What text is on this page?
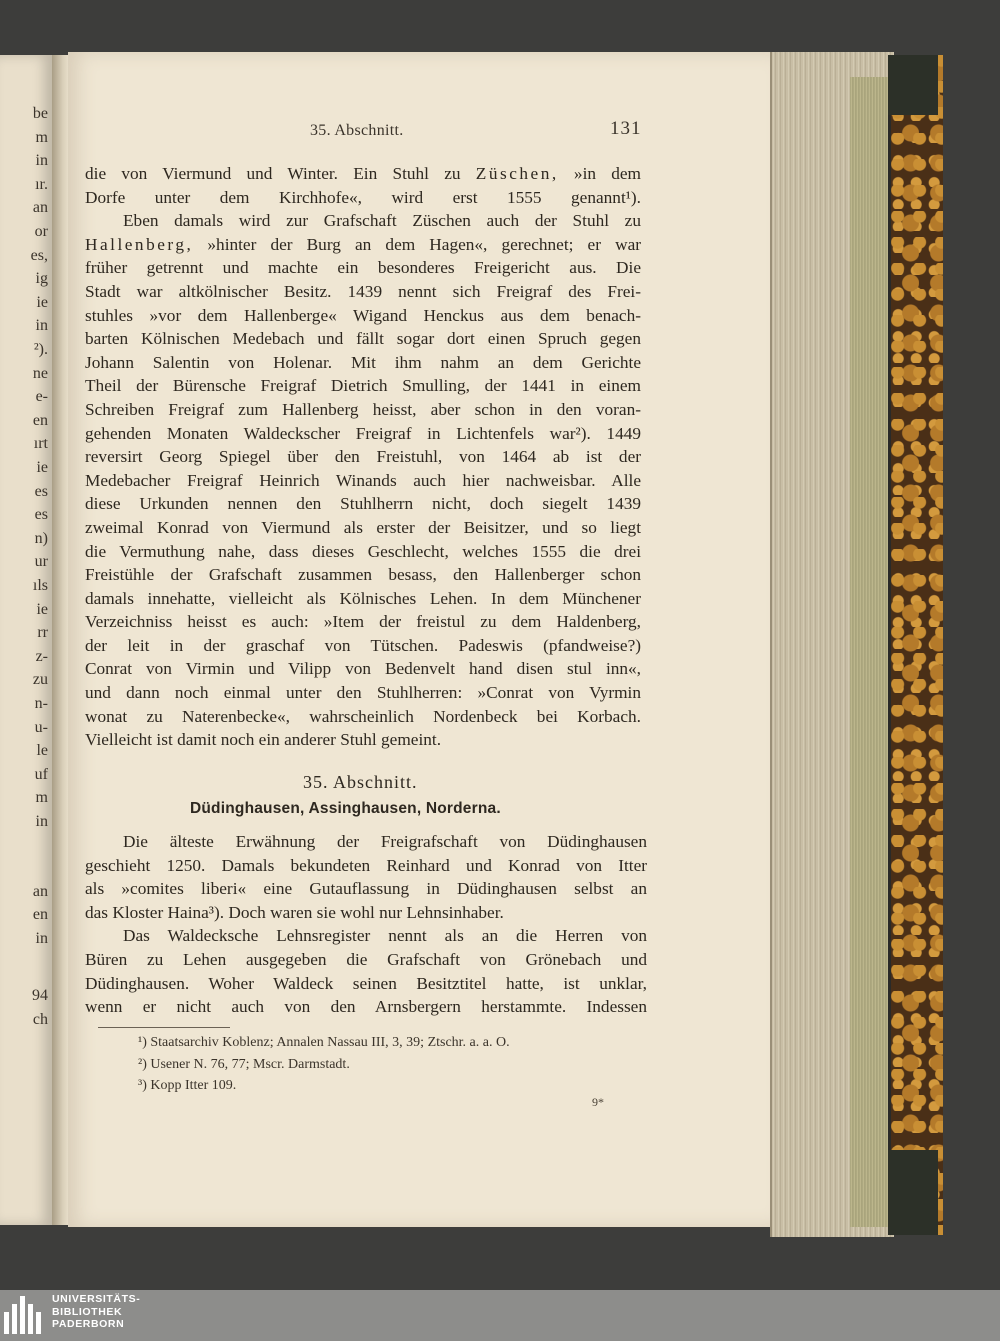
be
m
in
ır.
an
or
es,
ig
ie
in
²).
ne
e-
en
ırt
ie
es
es
n)
ur
ıls
ie
rr
z-
zu
n-
u-
le
uf
m
in
an
en
in
94
ch
35. Abschnitt.	131
die von Viermund und Winter. Ein Stuhl zu Züschen, »in dem
Dorfe unter dem Kirchhofe«, wird erst 1555 genannt¹).
Eben damals wird zur Grafschaft Züschen auch der Stuhl zu
Hallenberg, »hinter der Burg an dem Hagen«, gerechnet; er war
früher getrennt und machte ein besonderes Freigericht aus. Die
Stadt war altkölnischer Besitz. 1439 nennt sich Freigraf des Frei-
stuhles »vor dem Hallenberge« Wigand Henckus aus dem benach-
barten Kölnischen Medebach und fällt sogar dort einen Spruch gegen
Johann Salentin von Holenar. Mit ihm nahm an dem Gerichte
Theil der Bürensche Freigraf Dietrich Smulling, der 1441 in einem
Schreiben Freigraf zum Hallenberg heisst, aber schon in den voran-
gehenden Monaten Waldeckscher Freigraf in Lichtenfels war²). 1449
reversirt Georg Spiegel über den Freistuhl, von 1464 ab ist der
Medebacher Freigraf Heinrich Winands auch hier nachweisbar. Alle
diese Urkunden nennen den Stuhlherrn nicht, doch siegelt 1439
zweimal Konrad von Viermund als erster der Beisitzer, und so liegt
die Vermuthung nahe, dass dieses Geschlecht, welches 1555 die drei
Freistühle der Grafschaft zusammen besass, den Hallenberger schon
damals innehatte, vielleicht als Kölnisches Lehen. In dem Münchener
Verzeichniss heisst es auch: »Item der freistul zu dem Haldenberg,
der leit in der graschaf von Tütschen. Padeswis (pfandweise?)
Conrat von Virmin und Vilipp von Bedenvelt hand disen stul inn«,
und dann noch einmal unter den Stuhlherren: »Conrat von Vyrmin
wonat zu Naterenbecke«, wahrscheinlich Nordenbeck bei Korbach.
Vielleicht ist damit noch ein anderer Stuhl gemeint.
35. Abschnitt.
Düdinghausen, Assinghausen, Norderna.
Die älteste Erwähnung der Freigrafschaft von Düdinghausen
geschieht 1250. Damals bekundeten Reinhard und Konrad von Itter
als »comites liberi« eine Gutauflassung in Düdinghausen selbst an
das Kloster Haina³). Doch waren sie wohl nur Lehnsinhaber.
Das Waldecksche Lehnsregister nennt als an die Herren von
Büren zu Lehen ausgegeben die Grafschaft von Grönebach und
Düdinghausen. Woher Waldeck seinen Besitztitel hatte, ist unklar,
wenn er nicht auch von den Arnsbergern herstammte. Indessen
¹) Staatsarchiv Koblenz; Annalen Nassau III, 3, 39; Ztschr. a. a. O.
²) Usener N. 76, 77; Mscr. Darmstadt.
³) Kopp Itter 109.
9*
UNIVERSITÄTS-
BIBLIOTHEK
PADERBORN
